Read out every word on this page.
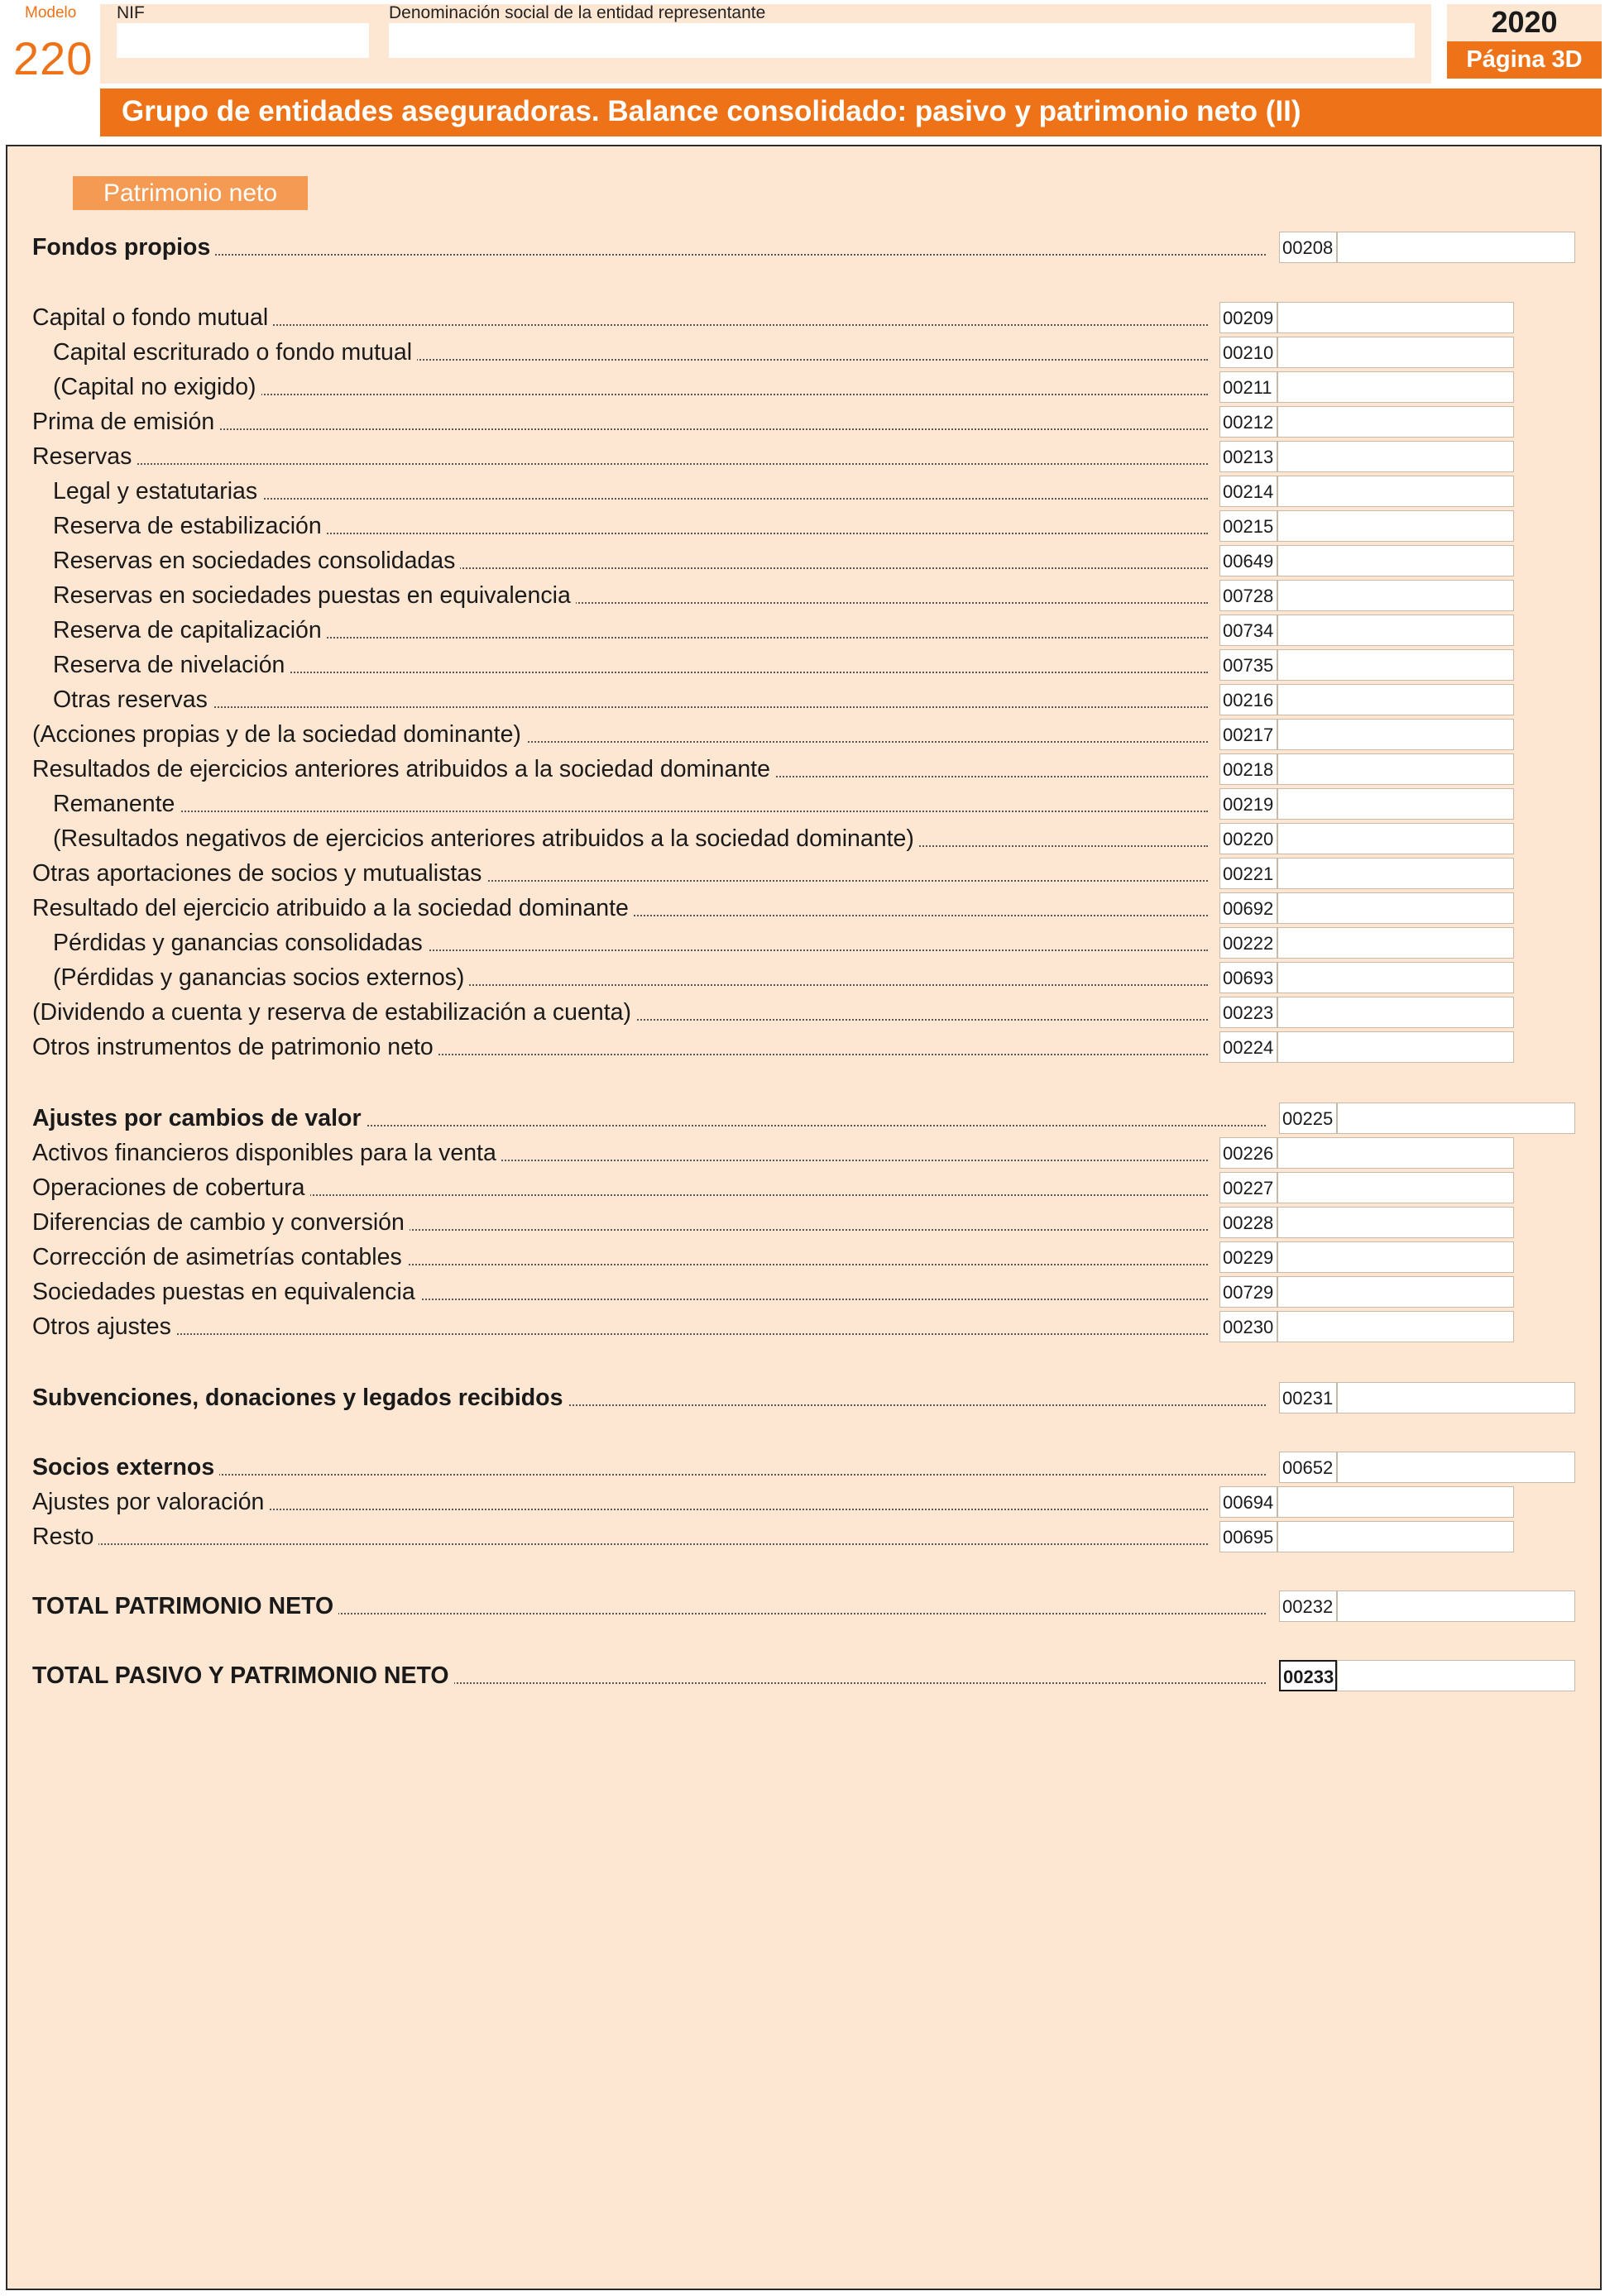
Modelo
220
NIF	Denominación social de la entidad representante	2020
Página 3D
Grupo de entidades aseguradoras. Balance consolidado: pasivo y patrimonio neto (II)
Patrimonio neto
Fondos propios	00208
Capital o fondo mutual	00209
Capital escriturado o fondo mutual	00210
(Capital no exigido)	00211
Prima de emisión	00212
Reservas	00213
Legal y estatutarias	00214
Reserva de estabilización	00215
Reservas en sociedades consolidadas	00649
Reservas en sociedades puestas en equivalencia	00728
Reserva de capitalización	00734
Reserva de nivelación	00735
Otras reservas	00216
(Acciones propias y de la sociedad dominante)	00217
Resultados de ejercicios anteriores atribuidos a la sociedad dominante	00218
Remanente	00219
(Resultados negativos de ejercicios anteriores atribuidos a la sociedad dominante)	00220
Otras aportaciones de socios y mutualistas	00221
Resultado del ejercicio atribuido a la sociedad dominante	00692
Pérdidas y ganancias consolidadas	00222
(Pérdidas y ganancias socios externos)	00693
(Dividendo a cuenta y reserva de estabilización a cuenta)	00223
Otros instrumentos de patrimonio neto	00224
Ajustes por cambios de valor	00225
Activos financieros disponibles para la venta	00226
Operaciones de cobertura	00227
Diferencias de cambio y conversión	00228
Corrección de asimetrías contables	00229
Sociedades puestas en equivalencia	00729
Otros ajustes	00230
Subvenciones, donaciones y legados recibidos	00231
Socios externos	00652
Ajustes por valoración	00694
Resto	00695
TOTAL PATRIMONIO NETO	00232
TOTAL PASIVO Y PATRIMONIO NETO	00233
